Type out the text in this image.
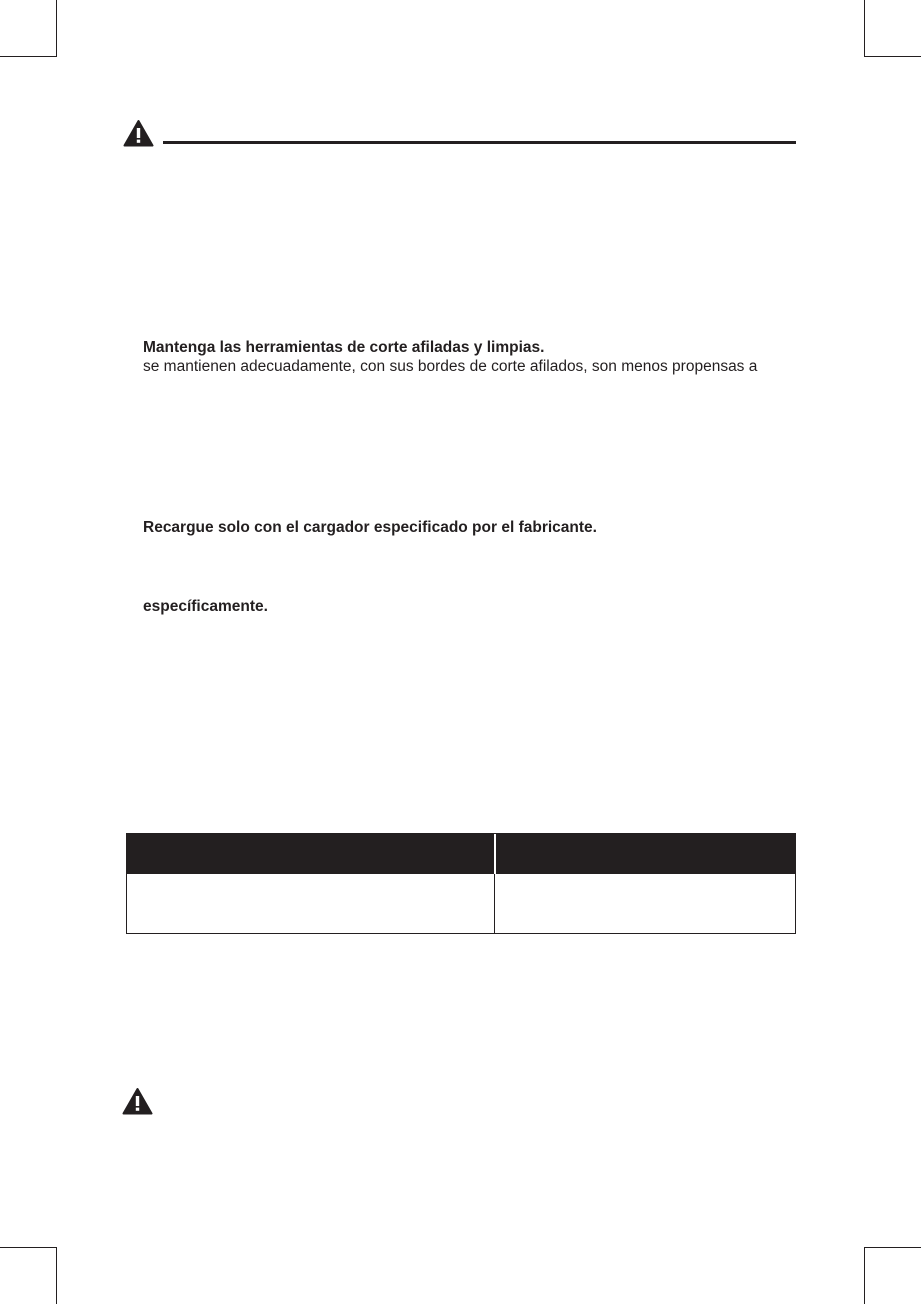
Mantenga las herramientas de corte afiladas y limpias.
se mantienen adecuadamente, con sus bordes de corte afilados, son menos propensas a
Recargue solo con el cargador especificado por el fabricante.
específicamente.
